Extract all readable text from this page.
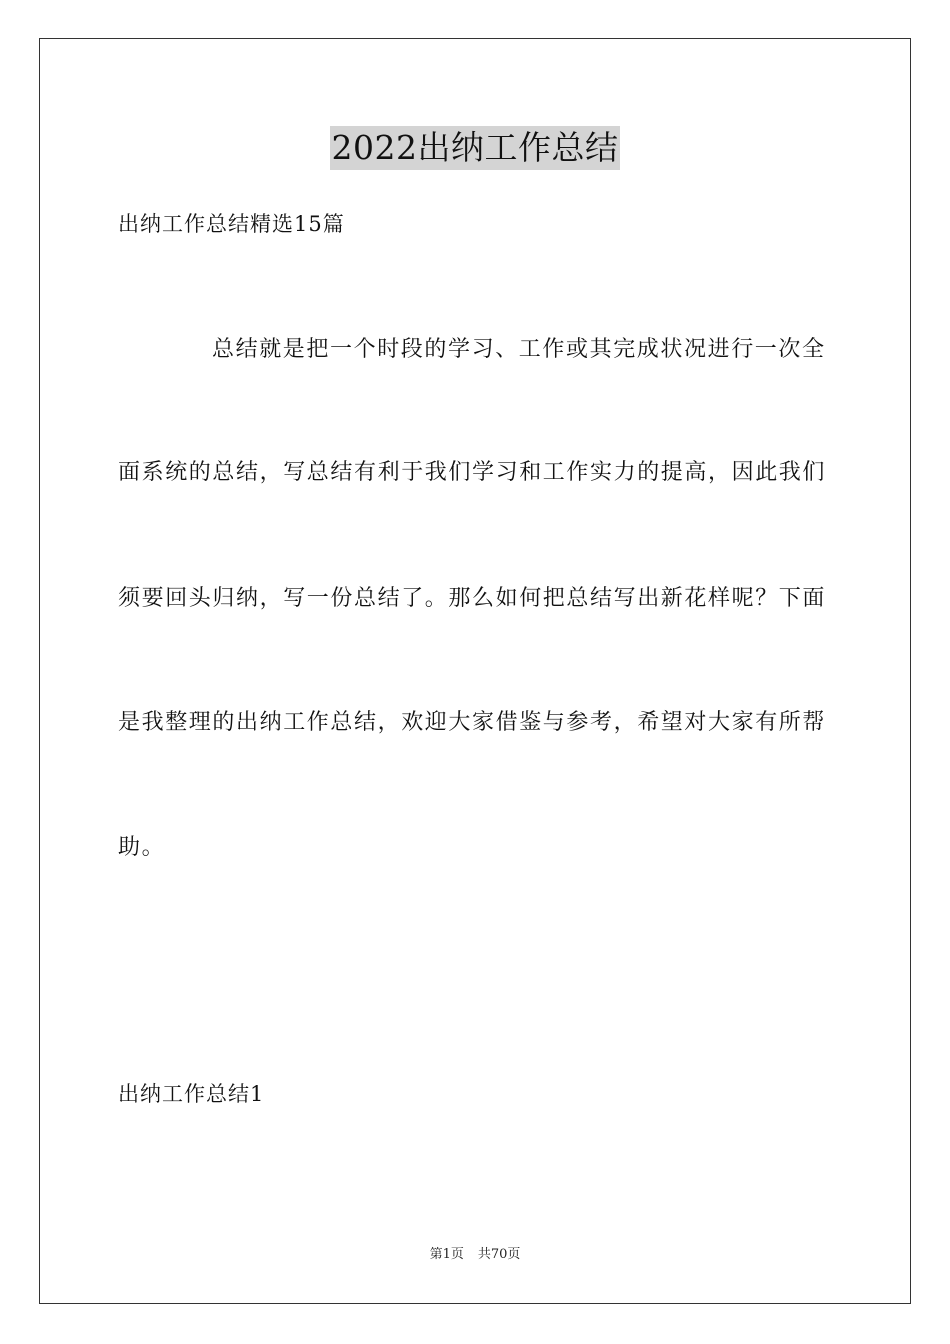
2022出纳工作总结
出纳工作总结精选15篇
总结就是把一个时段的学习、工作或其完成状况进行一次全
面系统的总结，写总结有利于我们学习和工作实力的提高，因此我们
须要回头归纳，写一份总结了。那么如何把总结写出新花样呢？下面
是我整理的出纳工作总结，欢迎大家借鉴与参考，希望对大家有所帮
助。
出纳工作总结1
第1页 共70页
